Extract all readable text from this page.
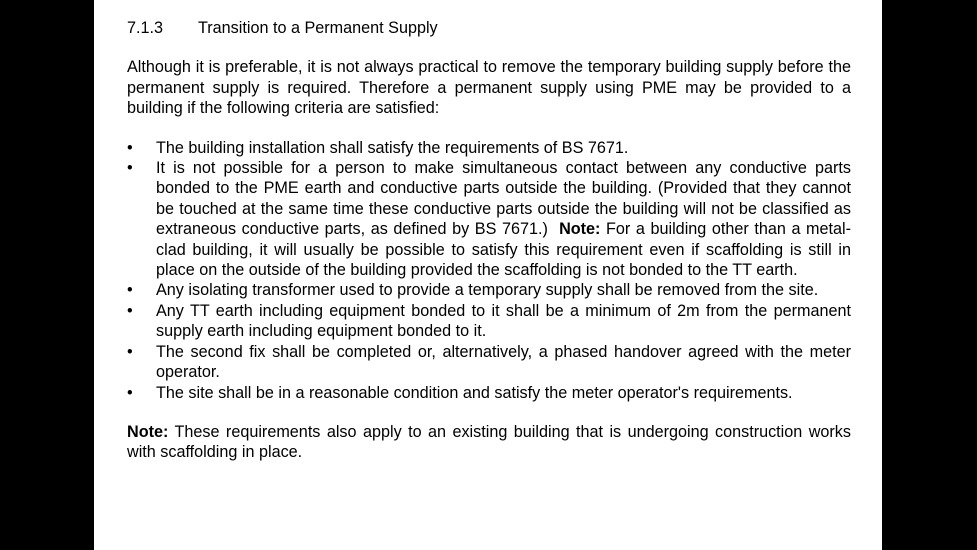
7.1.3	Transition to a Permanent Supply

Although it is preferable, it is not always practical to remove the temporary building supply before the permanent supply is required. Therefore a permanent supply using PME may be provided to a building if the following criteria are satisfied:

•	The building installation shall satisfy the requirements of BS 7671.
•	It is not possible for a person to make simultaneous contact between any conductive parts bonded to the PME earth and conductive parts outside the building. (Provided that they cannot be touched at the same time these conductive parts outside the building will not be classified as extraneous conductive parts, as defined by BS 7671.) Note: For a building other than a metal-clad building, it will usually be possible to satisfy this requirement even if scaffolding is still in place on the outside of the building provided the scaffolding is not bonded to the TT earth.
•	Any isolating transformer used to provide a temporary supply shall be removed from the site.
•	Any TT earth including equipment bonded to it shall be a minimum of 2m from the permanent supply earth including equipment bonded to it.
•	The second fix shall be completed or, alternatively, a phased handover agreed with the meter operator.
•	The site shall be in a reasonable condition and satisfy the meter operator's requirements.

Note: These requirements also apply to an existing building that is undergoing construction works with scaffolding in place.
